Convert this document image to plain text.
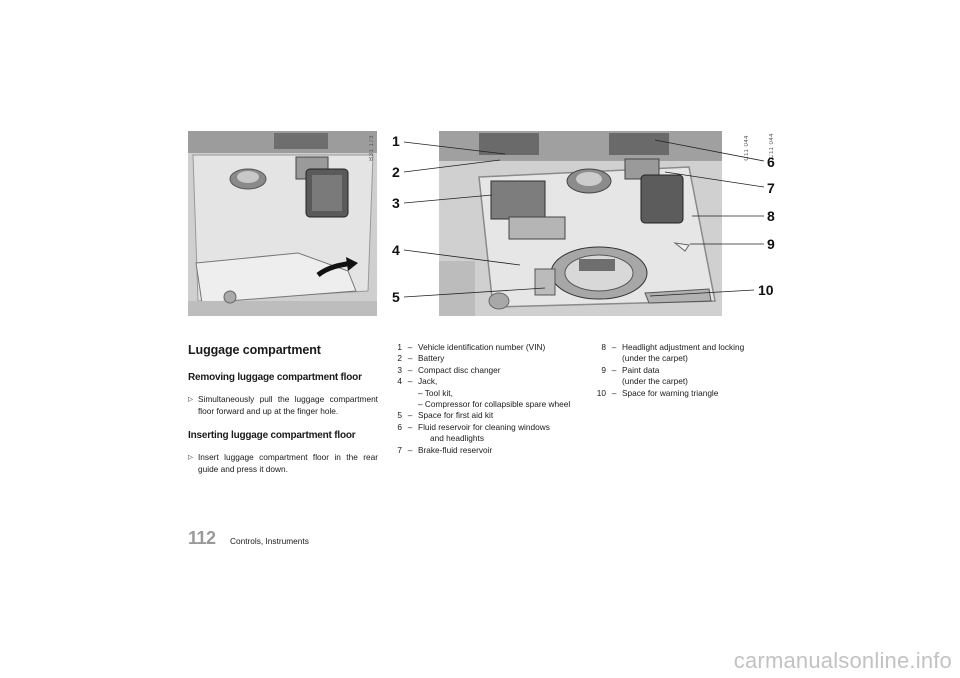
B31 173	C11 044	C11 044
1
2
3
4
5
6
7
8
9
10
Luggage compartment
Removing luggage compartment floor
▷ Simultaneously pull the luggage compartment floor forward and up at the finger hole.
Inserting luggage compartment floor
▷ Insert luggage compartment floor in the rear guide and press it down.
1 – Vehicle identification number (VIN)
2 – Battery
3 – Compact disc changer
4 – Jack,
– Tool kit,
– Compressor for collapsible spare wheel
5 – Space for first aid kit
6 – Fluid reservoir for cleaning windows
and headlights
7 – Brake-fluid reservoir
8 – Headlight adjustment and locking
(under the carpet)
9 – Paint data
(under the carpet)
10 – Space for warning triangle
112 Controls, Instruments
carmanualsonline.info
